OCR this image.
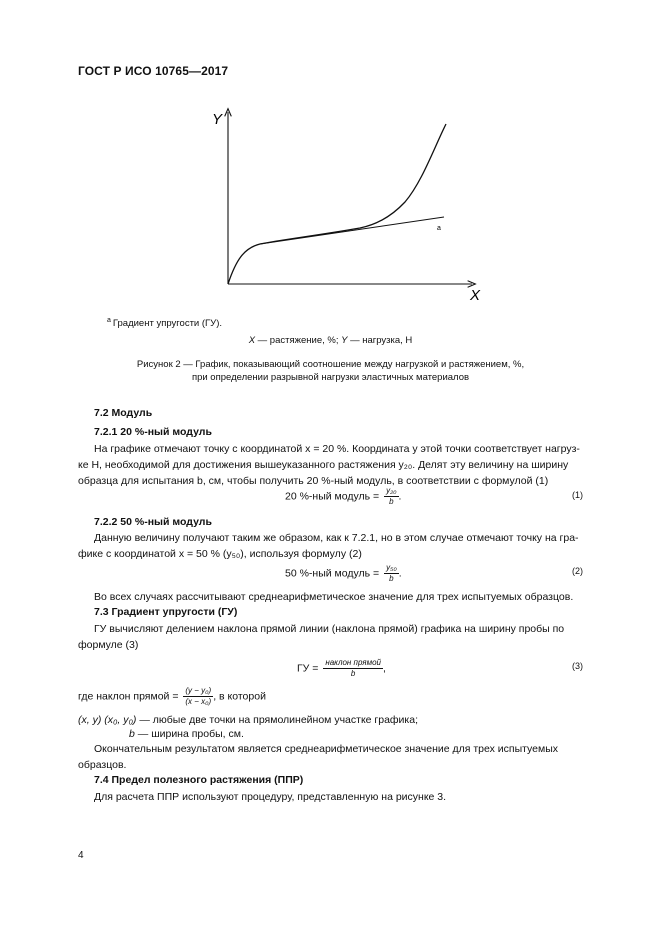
ГОСТ Р ИСО 10765—2017
Y
X
a
$^a$ Градиент упругости (ГУ).
X — растяжение, %; Y — нагрузка, Н
Рисунок 2 — График, показывающий соотношение между нагрузкой и растяжением, %,
при определении разрывной нагрузки эластичных материалов
7.2 Модуль
7.2.1 20 %-ный модуль
На графике отмечают точку с координатой x = 20 %. Координата y этой точки соответствует нагруз-
ке Н, необходимой для достижения вышеуказанного растяжения y₂₀. Делят эту величину на ширину
образца для испытания b, см, чтобы получить 20 %-ный модуль, в соответствии с формулой (1)
20 %-ный модуль = $\frac{\text{y₂₀}}{b}$ .	(1)
7.2.2 50 %-ный модуль
Данную величину получают таким же образом, как к 7.2.1, но в этом случае отмечают точку на гра-
фике с координатой x = 50 % (y₅₀), используя формулу (2)
50 %-ный модуль = $\frac{\text{y₅₀}}{b}$ .	(2)
Во всех случаях рассчитывают среднеарифметическое значение для трех испытуемых образцов.
7.3 Градиент упругости (ГУ)
ГУ вычисляют делением наклона прямой линии (наклона прямой) графика на ширину пробы по
формуле (3)
ГУ = $\frac{\text{наклон прямой}}{b}$ ,	(3)
где наклон прямой = $\frac{\text{(y − y₀)}}{\text{(x − x₀)}}$ , в которой
(x, y) (x₀, y₀) — любые две точки на прямолинейном участке графика;
b — ширина пробы, см.
Окончательным результатом является среднеарифметическое значение для трех испытуемых
образцов.
7.4 Предел полезного растяжения (ППР)
Для расчета ППР используют процедуру, представленную на рисунке 3.
4
